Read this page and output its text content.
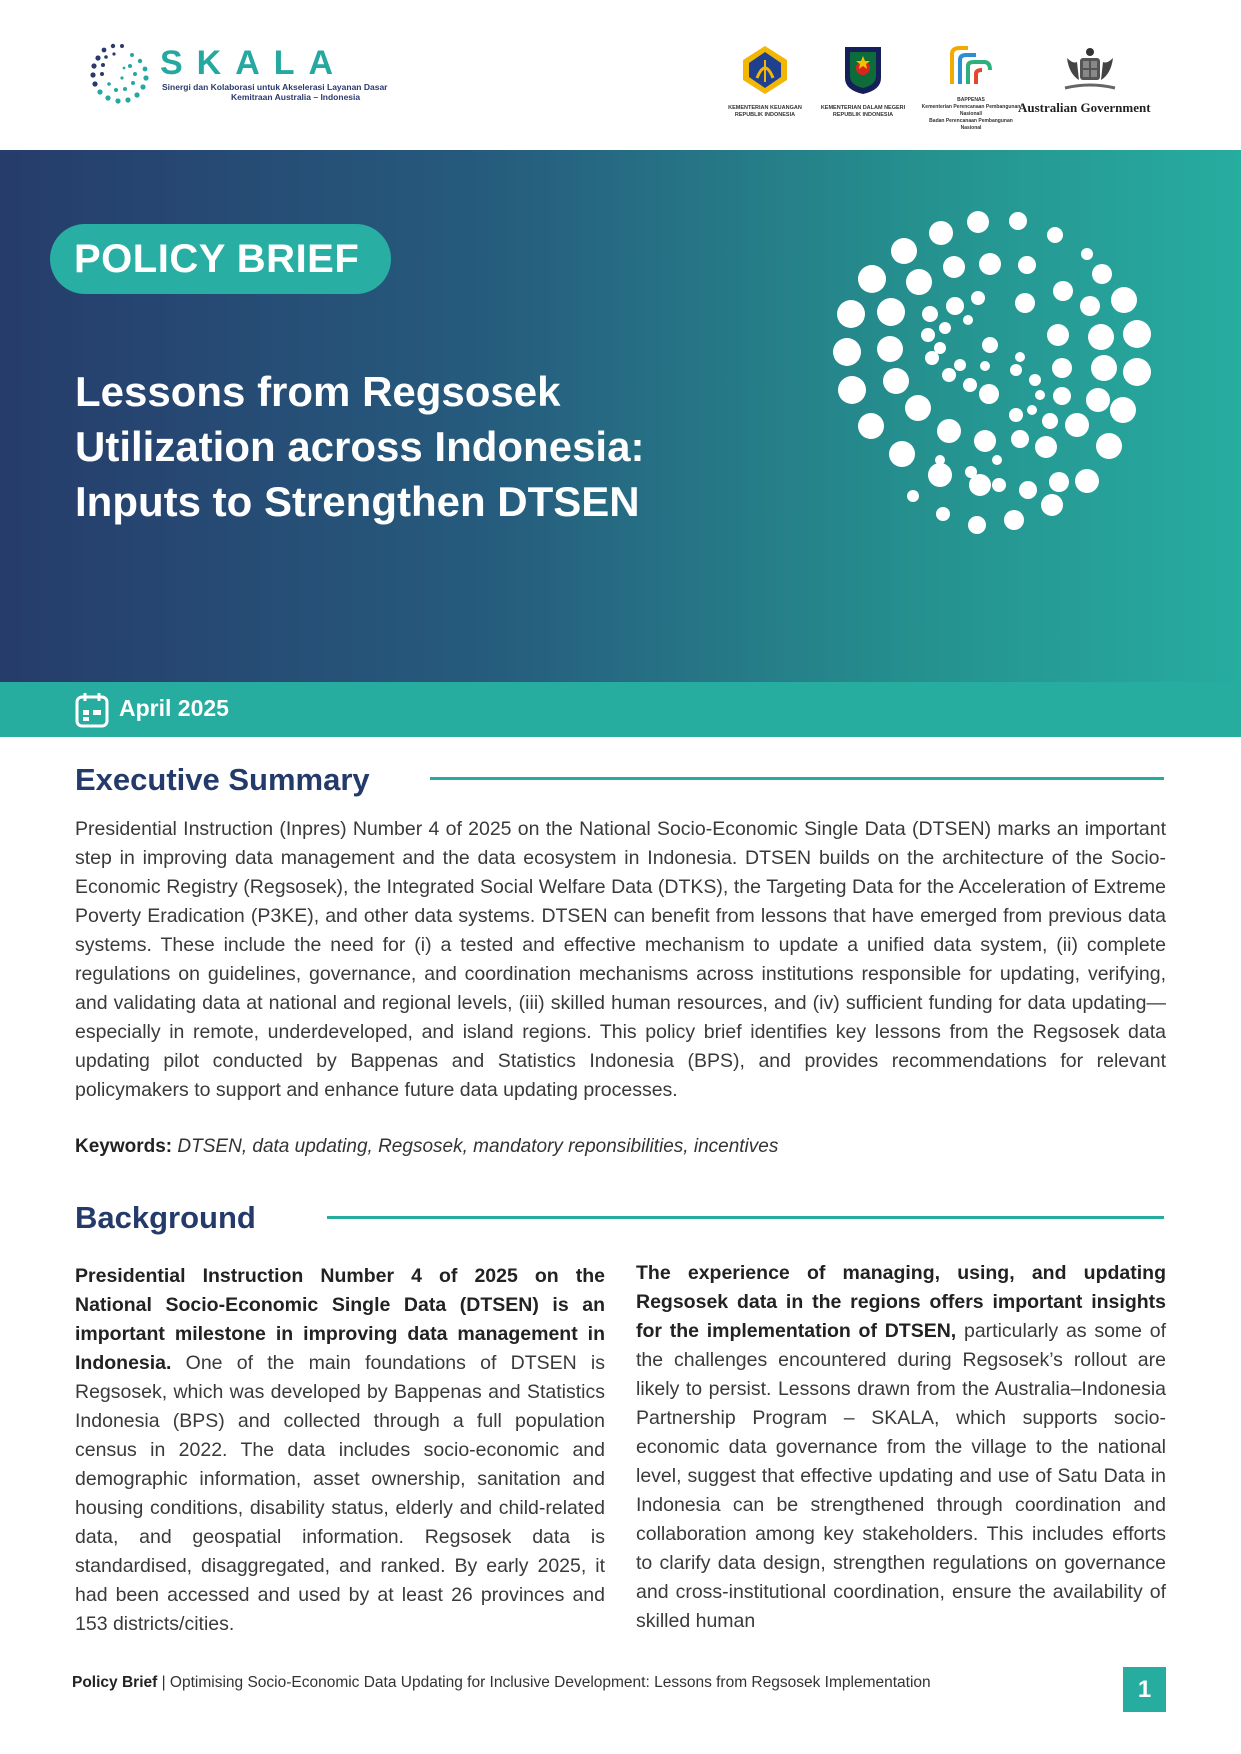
SKALA
Sinergi dan Kolaborasi untuk Akselerasi Layanan Dasar
Kemitraan Australia – Indonesia
KEMENTERIAN KEUANGAN
REPUBLIK INDONESIA
KEMENTERIAN DALAM NEGERI
REPUBLIK INDONESIA
BAPPENAS
Kementerian Perencanaan Pembangunan Nasional/
Badan Perencanaan Pembangunan Nasional
Australian Government
POLICY BRIEF
Lessons from Regsosek
Utilization across Indonesia:
Inputs to Strengthen DTSEN
April 2025
Executive Summary
Presidential Instruction (Inpres) Number 4 of 2025 on the National Socio-Economic Single Data (DTSEN) marks an important step in improving data management and the data ecosystem in Indonesia. DTSEN builds on the architecture of the Socio-Economic Registry (Regsosek), the Integrated Social Welfare Data (DTKS), the Targeting Data for the Acceleration of Extreme Poverty Eradication (P3KE), and other data systems. DTSEN can benefit from lessons that have emerged from previous data systems. These include the need for (i) a tested and effective mechanism to update a unified data system, (ii) complete regulations on guidelines, governance, and coordination mechanisms across institutions responsible for updating, verifying, and validating data at national and regional levels, (iii) skilled human resources, and (iv) sufficient funding for data updating—especially in remote, underdeveloped, and island regions. This policy brief identifies key lessons from the Regsosek data updating pilot conducted by Bappenas and Statistics Indonesia (BPS), and provides recommendations for relevant policymakers to support and enhance future data updating processes.
Keywords: DTSEN, data updating, Regsosek, mandatory reponsibilities, incentives
Background
Presidential Instruction Number 4 of 2025 on the National Socio-Economic Single Data (DTSEN) is an important milestone in improving data management in Indonesia. One of the main foundations of DTSEN is Regsosek, which was developed by Bappenas and Statistics Indonesia (BPS) and collected through a full population census in 2022. The data includes socio-economic and demographic information, asset ownership, sanitation and housing conditions, disability status, elderly and child-related data, and geospatial information. Regsosek data is standardised, disaggregated, and ranked. By early 2025, it had been accessed and used by at least 26 provinces and 153 districts/cities.
The experience of managing, using, and updating Regsosek data in the regions offers important insights for the implementation of DTSEN, particularly as some of the challenges encountered during Regsosek’s rollout are likely to persist. Lessons drawn from the Australia–Indonesia Partnership Program – SKALA, which supports socio-economic data governance from the village to the national level, suggest that effective updating and use of Satu Data in Indonesia can be strengthened through coordination and collaboration among key stakeholders. This includes efforts to clarify data design, strengthen regulations on governance and cross-institutional coordination, ensure the availability of skilled human
Policy Brief | Optimising Socio-Economic Data Updating for Inclusive Development: Lessons from Regsosek Implementation	1
